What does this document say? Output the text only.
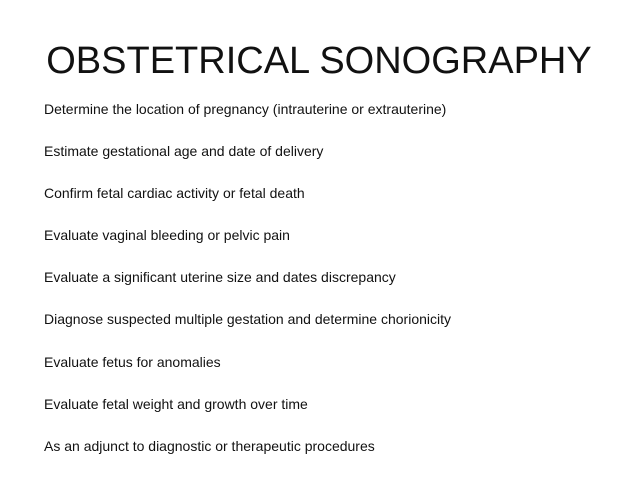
OBSTETRICAL SONOGRAPHY
Determine the location of pregnancy (intrauterine or extrauterine)
Estimate gestational age and date of delivery
Confirm fetal cardiac activity or fetal death
Evaluate vaginal bleeding or pelvic pain
Evaluate a significant uterine size and dates discrepancy
Diagnose suspected multiple gestation and determine chorionicity
Evaluate fetus for anomalies
Evaluate fetal weight and growth over time
As an adjunct to diagnostic or therapeutic procedures
